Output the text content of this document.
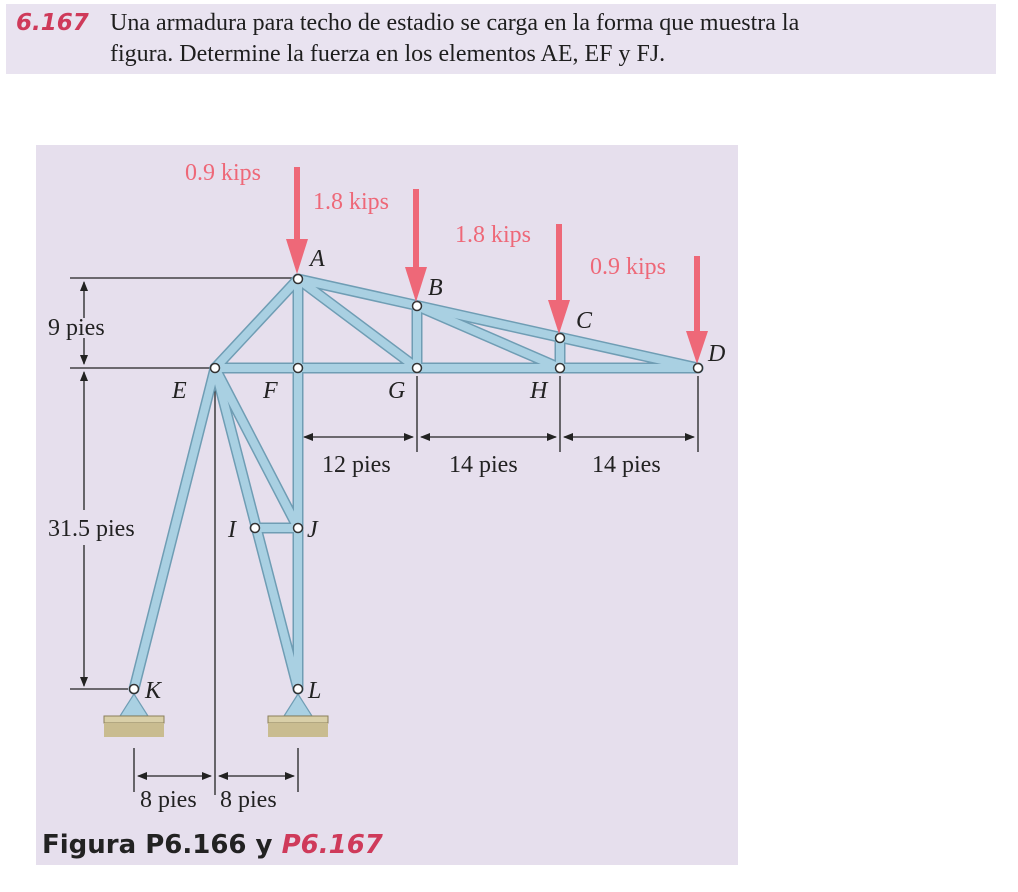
6.167 Una armadura para techo de estadio se carga en la forma que muestra la
figura. Determine la fuerza en los elementos AE, EF y FJ.
0.9 kips
1.8 kips
1.8 kips
0.9 kips
A
B
C
D
E	F	G	H
I	J
K	L
9 pies
31.5 pies
12 pies 14 pies	14 pies
8 pies 8 pies
Figura P6.166 y P6.167
